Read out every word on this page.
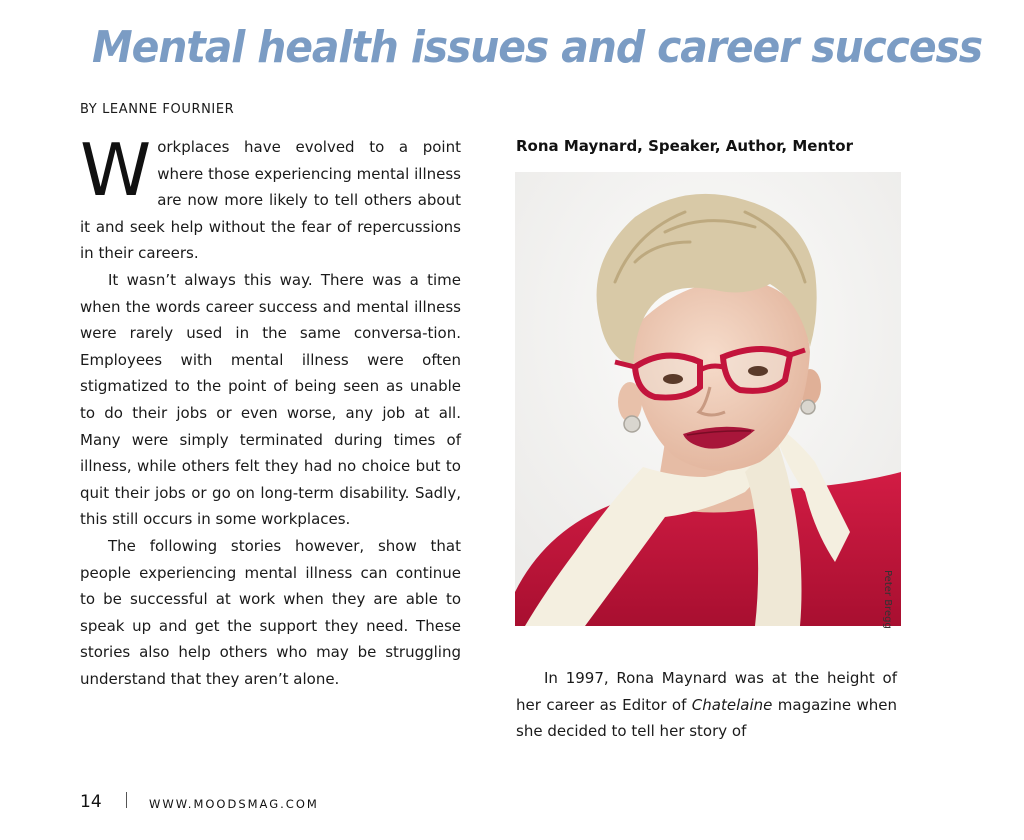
Mental health issues and career success
BY LEANNE FOURNIER

Workplaces have evolved to a point where those experiencing mental illness are now more likely to tell others about it and seek help without the fear of repercussions in their careers.

It wasn’t always this way. There was a time when the words career success and mental illness were rarely used in the same conversa-tion. Employees with mental illness were often stigmatized to the point of being seen as unable to do their jobs or even worse, any job at all. Many were simply terminated during times of illness, while others felt they had no choice but to quit their jobs or go on long-term disability. Sadly, this still occurs in some workplaces.

The following stories however, show that people experiencing mental illness can continue to be successful at work when they are able to speak up and get the support they need. These stories also help others who may be struggling understand that they aren’t alone.

Rona Maynard, Speaker, Author, Mentor
Peter Bregg

In 1997, Rona Maynard was at the height of her career as Editor of Chatelaine magazine when she decided to tell her story of

14	WWW.MOODSMAG.COM
